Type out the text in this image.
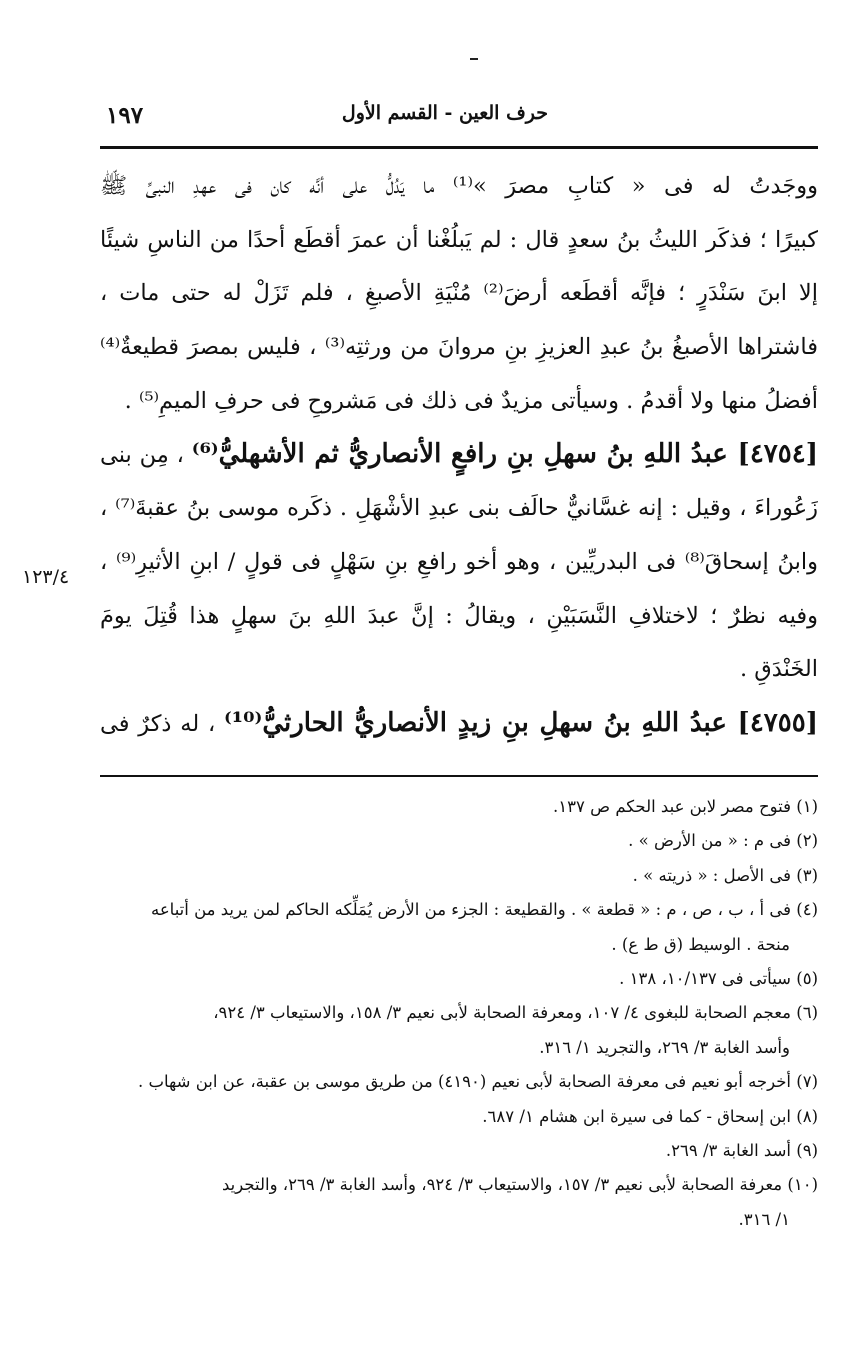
١٩٧	حرف العين - القسم الأول
١٢٣/٤
ووجَدتُ له فى « كتابِ مصرَ »⁽¹⁾ ما يَدُلُّ على أنَّه كان فى عهدِ النبىِّ ﷺ
كبيرًا ؛ فذكَر الليثُ بنُ سعدٍ قال : لم يَبلُغْنا أن عمرَ أقطَع أحدًا من الناسِ شيئًا
إلا ابنَ سَنْدَرٍ ؛ فإنَّه أقطَعه أرضَ⁽²⁾ مُنْيَةِ الأصبغِ ، فلم تَزَلْ له حتى مات ،
فاشتراها الأصبغُ بنُ عبدِ العزيزِ بنِ مروانَ من ورثتِه⁽³⁾ ، فليس بمصرَ قطيعةٌ⁽⁴⁾
أفضلُ منها ولا أقدمُ . وسيأتى مزيدٌ فى ذلك فى مَشروحِ فى حرفِ الميمِ⁽⁵⁾ .
[٤٧٥٤] عبدُ اللهِ بنُ سهلِ بنِ رافعٍ الأنصاريُّ ثم الأشهليُّ⁽⁶⁾ ، مِن بنى
زَعُوراءَ ، وقيل : إنه غسَّانيٌّ حالَف بنى عبدِ الأشْهَلِ . ذكَره موسى بنُ عقبةَ⁽⁷⁾ ،
وابنُ إسحاقَ⁽⁸⁾ فى البدريِّين ، وهو أخو رافعِ بنِ سَهْلٍ فى قولٍ / ابنِ الأثيرِ⁽⁹⁾ ،
وفيه نظرٌ ؛ لاختلافِ النَّسَبَيْنِ ، ويقالُ : إنَّ عبدَ اللهِ بنَ سهلٍ هذا قُتِلَ يومَ
الخَنْدَقِ .
[٤٧٥٥] عبدُ اللهِ بنُ سهلِ بنِ زيدٍ الأنصاريُّ الحارثيُّ⁽¹⁰⁾ ، له ذكرٌ فى
(١) فتوح مصر لابن عبد الحكم ص ١٣٧.
(٢) فى م : « من الأرض » .
(٣) فى الأصل : « ذريته » .
(٤) فى أ ، ب ، ص ، م : « قطعة » . والقطيعة : الجزء من الأرض يُمَلِّكه الحاكم لمن يريد من أتباعه
منحة . الوسيط (ق ط ع) .
(٥) سيأتى فى ١٠/١٣٧، ١٣٨ .
(٦) معجم الصحابة للبغوى ٤/ ١٠٧، ومعرفة الصحابة لأبى نعيم ٣/ ١٥٨، والاستيعاب ٣/ ٩٢٤،
وأسد الغابة ٣/ ٢٦٩، والتجريد ١/ ٣١٦.
(٧) أخرجه أبو نعيم فى معرفة الصحابة لأبى نعيم (٤١٩٠) من طريق موسى بن عقبة، عن ابن شهاب .
(٨) ابن إسحاق - كما فى سيرة ابن هشام ١/ ٦٨٧.
(٩) أسد الغابة ٣/ ٢٦٩.
(١٠) معرفة الصحابة لأبى نعيم ٣/ ١٥٧، والاستيعاب ٣/ ٩٢٤، وأسد الغابة ٣/ ٢٦٩، والتجريد
١/ ٣١٦.
